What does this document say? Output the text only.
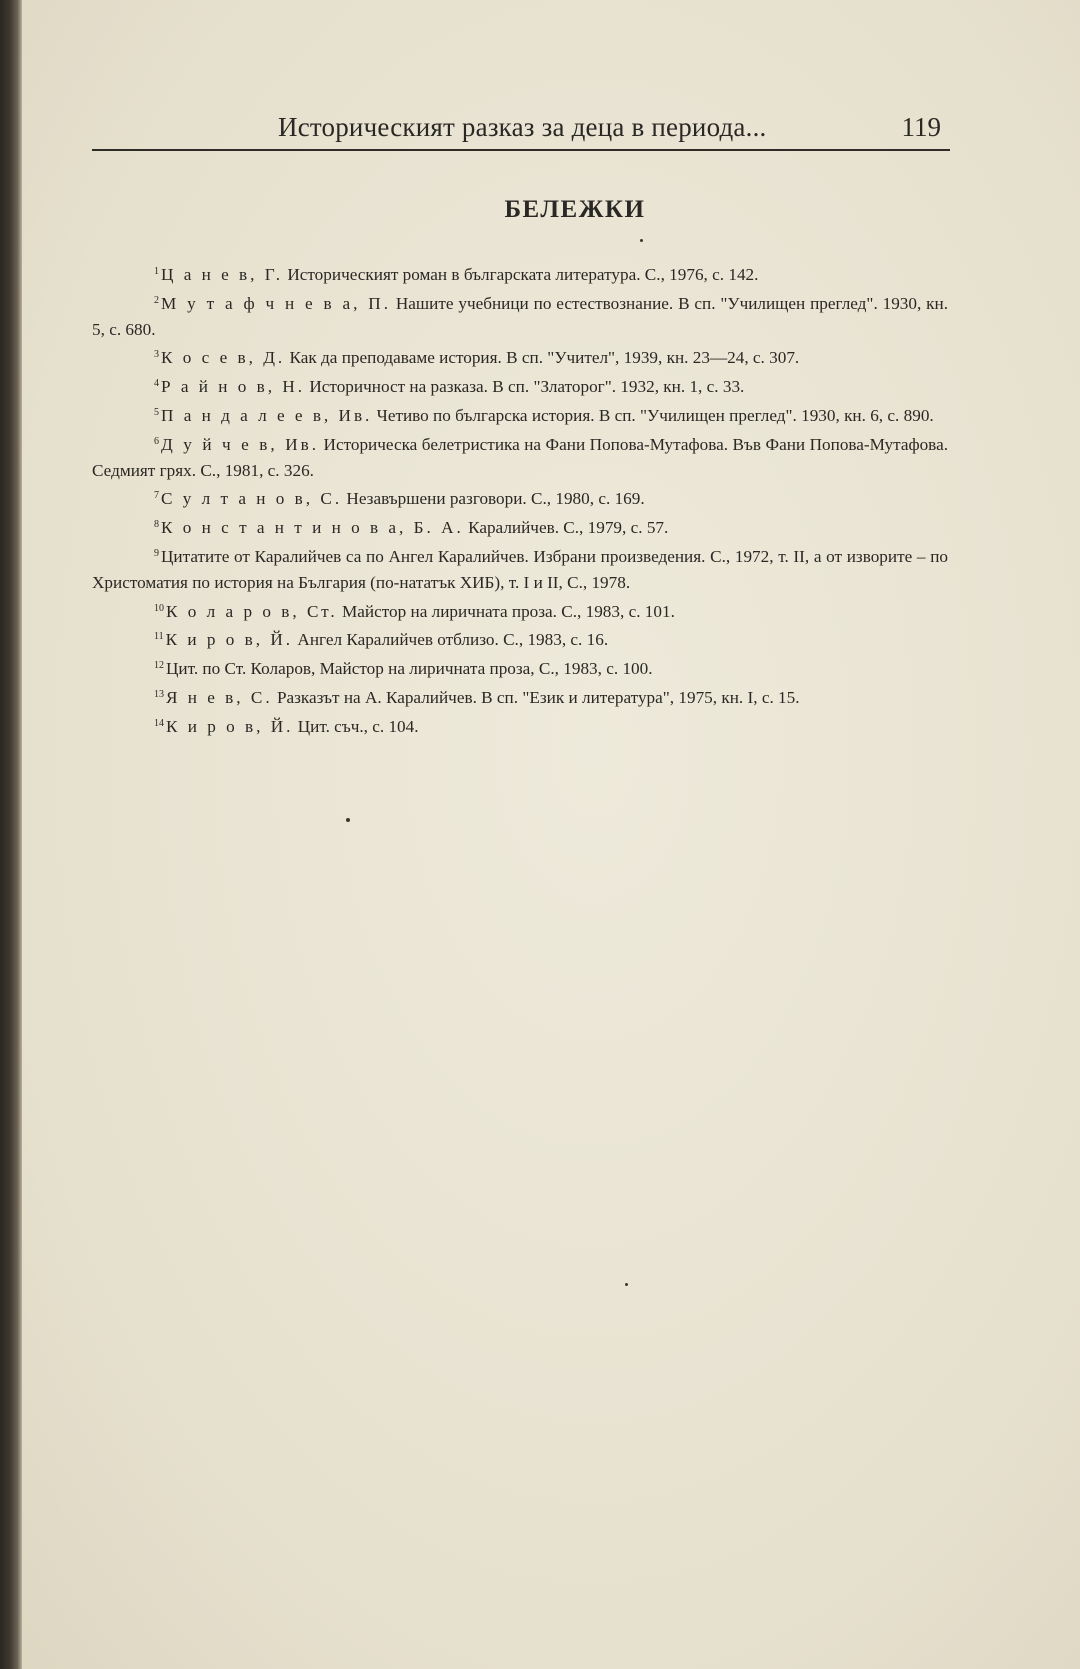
Историческият разказ за деца в периода...	119
БЕЛЕЖКИ

$^1$ Ц а н е в, Г. Историческият роман в българската литература. С., 1976, с. 142.

$^2$ М у т а ф ч н е в а, П. Нашите учебници по естествознание. В сп. "Училищен преглед". 1930, кн. 5, с. 680.

$^3$ К о с е в, Д. Как да преподаваме история. В сп. "Учител", 1939, кн. 23—24, с. 307.

$^4$ Р а й н о в, Н. Историчност на разказа. В сп. "Златорог". 1932, кн. 1, с. 33.

$^5$ П а н д а л е е в, Ив. Четиво по българска история. В сп. "Училищен преглед". 1930, кн. 6, с. 890.

$^6$ Д у й ч е в, Ив. Историческа белетристика на Фани Попова-Мутафова. Във Фани Попова-Мутафова. Седмият грях. С., 1981, с. 326.

$^7$ С у л т а н о в, С. Незавършени разговори. С., 1980, с. 169.

$^8$ К о н с т а н т и н о в а, Б. А. Каралийчев. С., 1979, с. 57.

$^9$ Цитатите от Каралийчев са по Ангел Каралийчев. Избрани произведения. С., 1972, т. II, а от изворите – по Христоматия по история на България (по-нататък ХИБ), т. I и II, С., 1978.

$^{10}$ К о л а р о в, Ст. Майстор на лиричната проза. С., 1983, с. 101.

$^{11}$ К и р о в, Й. Ангел Каралийчев отблизо. С., 1983, с. 16.

$^{12}$ Цит. по Ст. Коларов, Майстор на лиричната проза, С., 1983, с. 100.

$^{13}$ Я н е в, С. Разказът на А. Каралийчев. В сп. "Език и литература", 1975, кн. I, с. 15.

$^{14}$ К и р о в, Й. Цит. съч., с. 104.
